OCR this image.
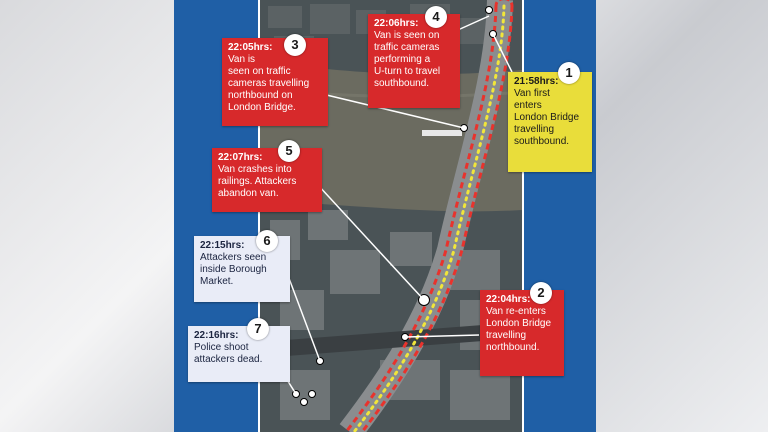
22:06hrs:
Van is seen on
traffic cameras
performing a
U-turn to travel
southbound.
4
22:05hrs:
Van is
seen on traffic
cameras travelling
northbound on
London Bridge.
3
21:58hrs:
Van first
enters
London Bridge
travelling
southbound.
1
22:07hrs:
Van crashes into
railings. Attackers
abandon van.
5
22:15hrs:
Attackers seen
inside Borough
Market.
6
22:04hrs:
Van re-enters
London Bridge
travelling
northbound.
2
22:16hrs:
Police shoot
attackers dead.
7
